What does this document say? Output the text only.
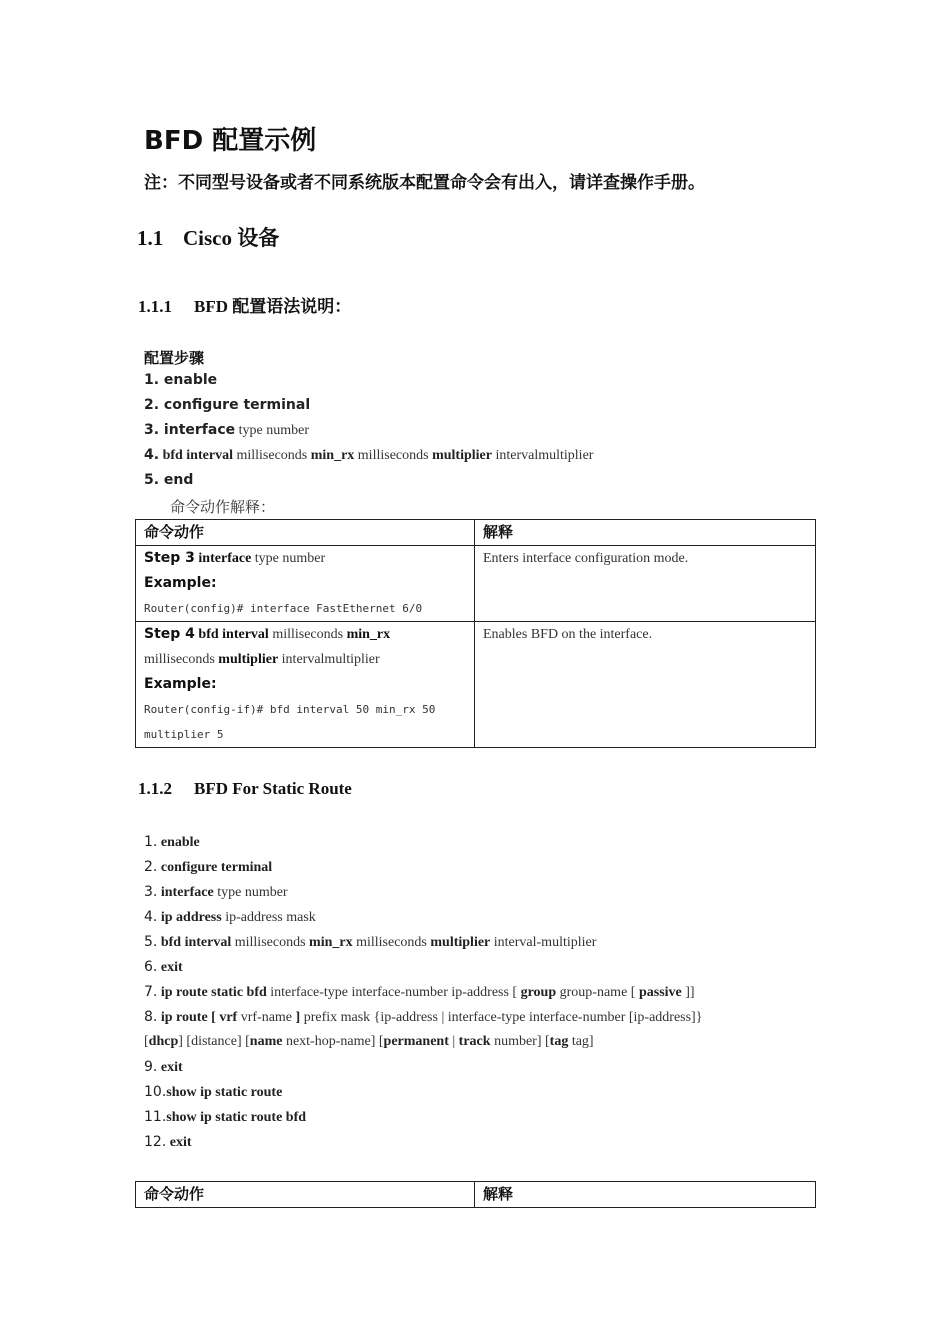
BFD 配置示例
注：不同型号设备或者不同系统版本配置命令会有出入，请详查操作手册。
1.1 Cisco 设备
1.1.1 BFD 配置语法说明：
配置步骤
1. enable
2. configure terminal
3. interface type number
4. bfd interval milliseconds min_rx milliseconds multiplier intervalmultiplier
5. end
命令动作解释：
命令动作	解释

Step 3 interface type number
Example:
Router(config)# interface FastEthernet 6/0	Enters interface configuration mode.

Step 4 bfd interval milliseconds min_rx
milliseconds multiplier intervalmultiplier
Example:
Router(config-if)# bfd interval 50 min_rx 50
multiplier 5	Enables BFD on the interface.
1.1.2 BFD For Static Route
1. enable
2. configure terminal
3. interface type number
4. ip address ip-address mask
5. bfd interval milliseconds min_rx milliseconds multiplier interval-multiplier
6. exit
7. ip route static bfd interface-type interface-number ip-address [ group group-name [ passive ]]
8. ip route [ vrf vrf-name ] prefix mask {ip-address | interface-type interface-number [ip-address]}
[dhcp] [distance] [name next-hop-name] [permanent | track number] [tag tag]
9. exit
10.show ip static route
11.show ip static route bfd
12. exit
命令动作	解释
